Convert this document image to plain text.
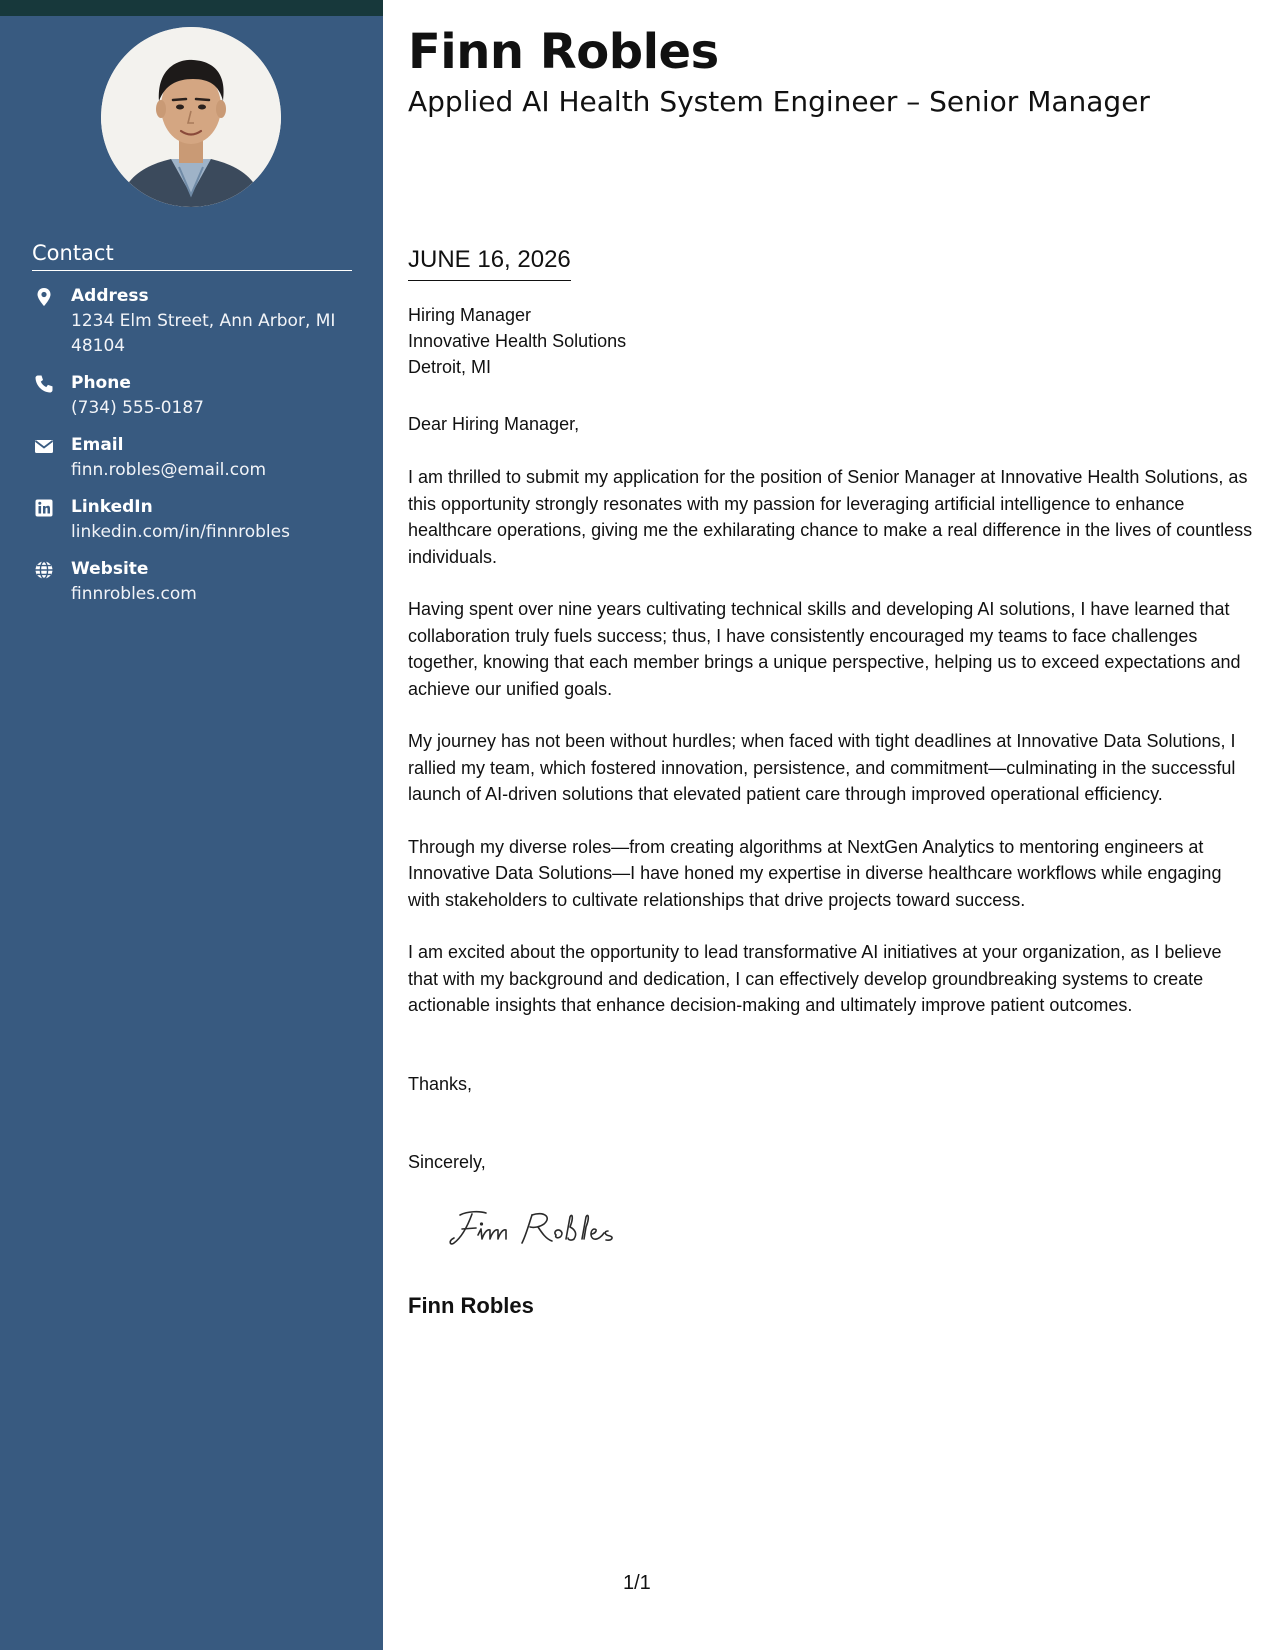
Contact
Address
1234 Elm Street, Ann Arbor, MI 48104
Phone
(734) 555-0187
Email
finn.robles@email.com
LinkedIn
linkedin.com/in/finnrobles
Website
finnrobles.com
Finn Robles
Applied AI Health System Engineer – Senior Manager
JUNE 16, 2026
Hiring Manager
Innovative Health Solutions
Detroit, MI
Dear Hiring Manager,

I am thrilled to submit my application for the position of Senior Manager at Innovative Health Solutions, as this opportunity strongly resonates with my passion for leveraging artificial intelligence to enhance healthcare operations, giving me the exhilarating chance to make a real difference in the lives of countless individuals.

Having spent over nine years cultivating technical skills and developing AI solutions, I have learned that collaboration truly fuels success; thus, I have consistently encouraged my teams to face challenges together, knowing that each member brings a unique perspective, helping us to exceed expectations and achieve our unified goals.

My journey has not been without hurdles; when faced with tight deadlines at Innovative Data Solutions, I rallied my team, which fostered innovation, persistence, and commitment—culminating in the successful launch of AI-driven solutions that elevated patient care through improved operational efficiency.

Through my diverse roles—from creating algorithms at NextGen Analytics to mentoring engineers at Innovative Data Solutions—I have honed my expertise in diverse healthcare workflows while engaging with stakeholders to cultivate relationships that drive projects toward success.

I am excited about the opportunity to lead transformative AI initiatives at your organization, as I believe that with my background and dedication, I can effectively develop groundbreaking systems to create actionable insights that enhance decision-making and ultimately improve patient outcomes.

Thanks,
Sincerely,
Finn Robles
1/1
